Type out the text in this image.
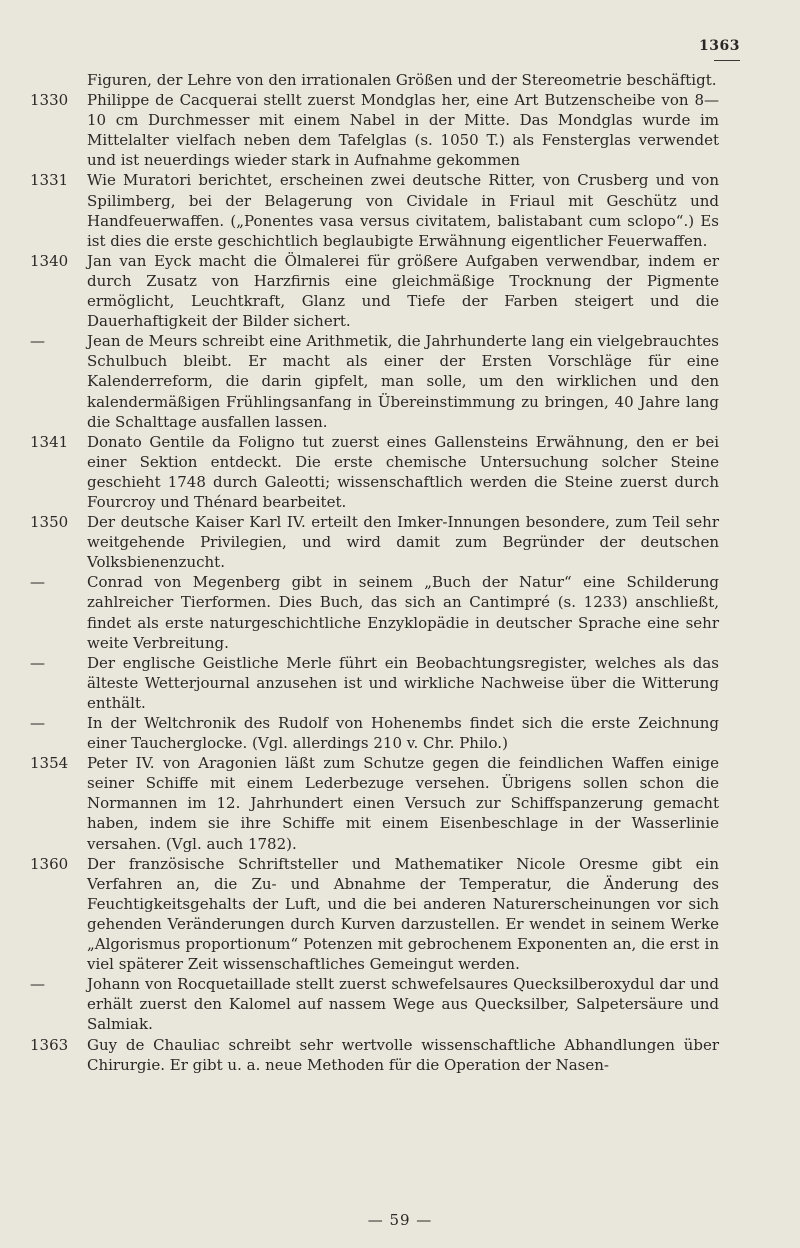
1363
Figuren, der Lehre von den irrationalen Größen und der Stereometrie beschäftigt.
1330	Philippe de Cacquerai stellt zuerst Mondglas her, eine Art Butzenscheibe von 8—10 cm Durchmesser mit einem Nabel in der Mitte. Das Mondglas wurde im Mittelalter vielfach neben dem Tafelglas (s. 1050 T.) als Fensterglas verwendet und ist neuerdings wieder stark in Aufnahme gekommen
1331	Wie Muratori berichtet, erscheinen zwei deutsche Ritter, von Crusberg und von Spilimberg, bei der Belagerung von Cividale in Friaul mit Geschütz und Handfeuerwaffen. („Ponentes vasa versus civitatem, balistabant cum sclopo“.) Es ist dies die erste geschichtlich beglaubigte Erwähnung eigentlicher Feuerwaffen.
1340	Jan van Eyck macht die Ölmalerei für größere Aufgaben verwendbar, indem er durch Zusatz von Harzfirnis eine gleichmäßige Trocknung der Pigmente ermöglicht, Leuchtkraft, Glanz und Tiefe der Farben steigert und die Dauerhaftigkeit der Bilder sichert.
—	Jean de Meurs schreibt eine Arithmetik, die Jahrhunderte lang ein vielgebrauchtes Schulbuch bleibt. Er macht als einer der Ersten Vorschläge für eine Kalenderreform, die darin gipfelt, man solle, um den wirklichen und den kalendermäßigen Frühlingsanfang in Übereinstimmung zu bringen, 40 Jahre lang die Schalttage ausfallen lassen.
1341	Donato Gentile da Foligno tut zuerst eines Gallensteins Erwähnung, den er bei einer Sektion entdeckt. Die erste chemische Untersuchung solcher Steine geschieht 1748 durch Galeotti; wissenschaftlich werden die Steine zuerst durch Fourcroy und Thénard bearbeitet.
1350	Der deutsche Kaiser Karl IV. erteilt den Imker-Innungen besondere, zum Teil sehr weitgehende Privilegien, und wird damit zum Begründer der deutschen Volksbienenzucht.
—	Conrad von Megenberg gibt in seinem „Buch der Natur“ eine Schilderung zahlreicher Tierformen. Dies Buch, das sich an Cantimpré (s. 1233) anschließt, findet als erste naturgeschichtliche Enzyklopädie in deutscher Sprache eine sehr weite Verbreitung.
—	Der englische Geistliche Merle führt ein Beobachtungsregister, welches als das älteste Wetterjournal anzusehen ist und wirkliche Nachweise über die Witterung enthält.
—	In der Weltchronik des Rudolf von Hohenembs findet sich die erste Zeichnung einer Taucherglocke. (Vgl. allerdings 210 v. Chr. Philo.)
1354	Peter IV. von Aragonien läßt zum Schutze gegen die feindlichen Waffen einige seiner Schiffe mit einem Lederbezuge versehen. Übrigens sollen schon die Normannen im 12. Jahrhundert einen Versuch zur Schiffspanzerung gemacht haben, indem sie ihre Schiffe mit einem Eisenbeschlage in der Wasserlinie versahen. (Vgl. auch 1782).
1360	Der französische Schriftsteller und Mathematiker Nicole Oresme gibt ein Verfahren an, die Zu- und Abnahme der Temperatur, die Änderung des Feuchtigkeitsgehalts der Luft, und die bei anderen Naturerscheinungen vor sich gehenden Veränderungen durch Kurven darzustellen. Er wendet in seinem Werke „Algorismus proportionum“ Potenzen mit gebrochenem Exponenten an, die erst in viel späterer Zeit wissenschaftliches Gemeingut werden.
—	Johann von Rocquetaillade stellt zuerst schwefelsaures Quecksilberoxydul dar und erhält zuerst den Kalomel auf nassem Wege aus Quecksilber, Salpetersäure und Salmiak.
1363	Guy de Chauliac schreibt sehr wertvolle wissenschaftliche Abhandlungen über Chirurgie. Er gibt u. a. neue Methoden für die Operation der Nasen-
— 59 —
